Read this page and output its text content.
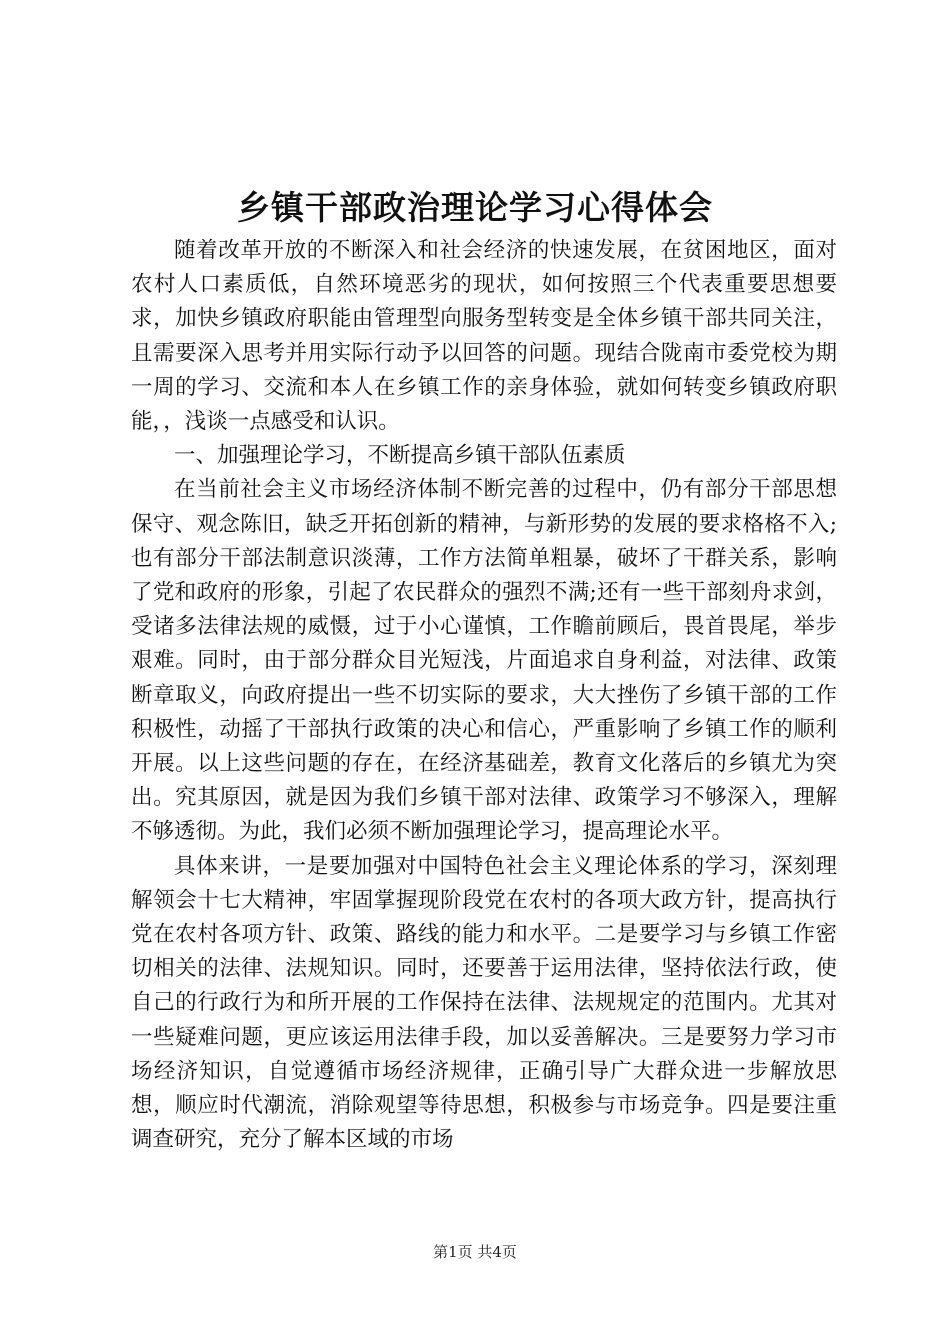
乡镇干部政治理论学习心得体会

随着改革开放的不断深入和社会经济的快速发展，在贫困地区，面对农村人口素质低，自然环境恶劣的现状，如何按照三个代表重要思想要求，加快乡镇政府职能由管理型向服务型转变是全体乡镇干部共同关注，且需要深入思考并用实际行动予以回答的问题。现结合陇南市委党校为期一周的学习、交流和本人在乡镇工作的亲身体验，就如何转变乡镇政府职能，，浅谈一点感受和认识。

一、加强理论学习，不断提高乡镇干部队伍素质

在当前社会主义市场经济体制不断完善的过程中，仍有部分干部思想保守、观念陈旧，缺乏开拓创新的精神，与新形势的发展的要求格格不入;也有部分干部法制意识淡薄，工作方法简单粗暴，破坏了干群关系，影响了党和政府的形象，引起了农民群众的强烈不满;还有一些干部刻舟求剑，受诸多法律法规的威慑，过于小心谨慎，工作瞻前顾后，畏首畏尾，举步艰难。同时，由于部分群众目光短浅，片面追求自身利益，对法律、政策断章取义，向政府提出一些不切实际的要求，大大挫伤了乡镇干部的工作积极性，动摇了干部执行政策的决心和信心，严重影响了乡镇工作的顺利开展。以上这些问题的存在，在经济基础差，教育文化落后的乡镇尤为突出。究其原因，就是因为我们乡镇干部对法律、政策学习不够深入，理解不够透彻。为此，我们必须不断加强理论学习，提高理论水平。

具体来讲，一是要加强对中国特色社会主义理论体系的学习，深刻理解领会十七大精神，牢固掌握现阶段党在农村的各项大政方针，提高执行党在农村各项方针、政策、路线的能力和水平。二是要学习与乡镇工作密切相关的法律、法规知识。同时，还要善于运用法律，坚持依法行政，使自己的行政行为和所开展的工作保持在法律、法规规定的范围内。尤其对一些疑难问题，更应该运用法律手段，加以妥善解决。三是要努力学习市场经济知识，自觉遵循市场经济规律，正确引导广大群众进一步解放思想，顺应时代潮流，消除观望等待思想，积极参与市场竞争。四是要注重调查研究，充分了解本区域的市场

第1页 共4页
